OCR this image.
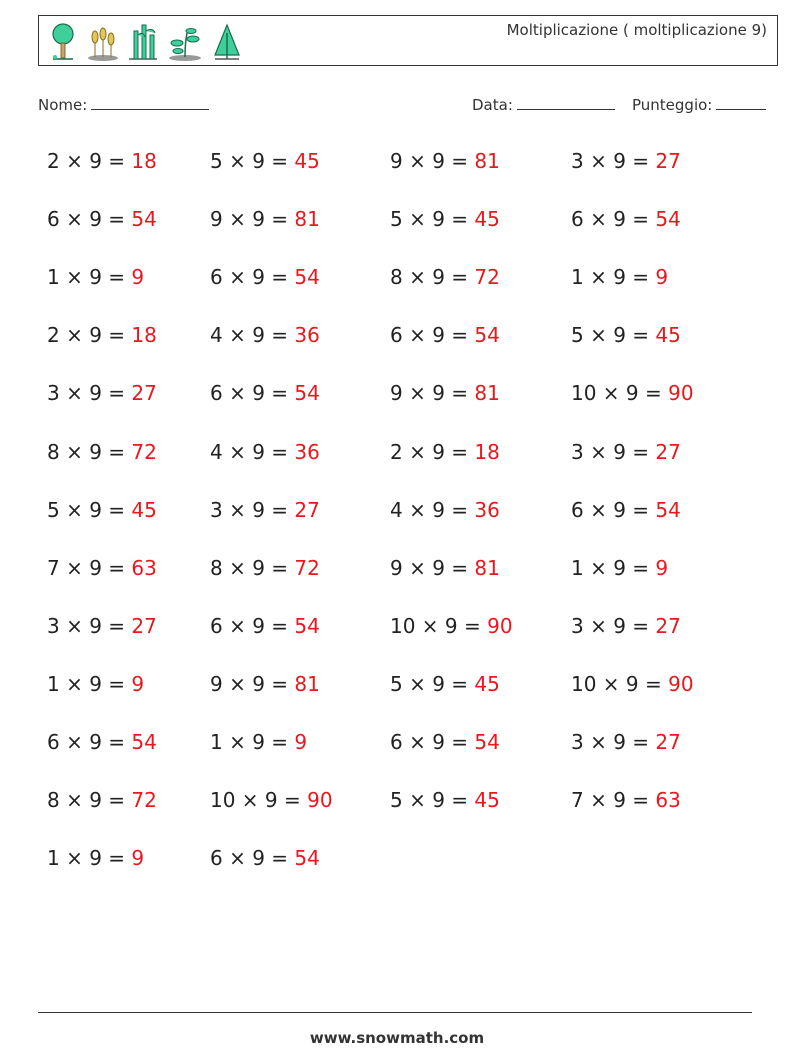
Moltiplicazione ( moltiplicazione 9)
Nome:	Data:	Punteggio:
2 × 9 = 18	5 × 9 = 45	9 × 9 = 81	3 × 9 = 27
6 × 9 = 54	9 × 9 = 81	5 × 9 = 45	6 × 9 = 54
1 × 9 = 9	6 × 9 = 54	8 × 9 = 72	1 × 9 = 9
2 × 9 = 18	4 × 9 = 36	6 × 9 = 54	5 × 9 = 45
3 × 9 = 27	6 × 9 = 54	9 × 9 = 81	10 × 9 = 90
8 × 9 = 72	4 × 9 = 36	2 × 9 = 18	3 × 9 = 27
5 × 9 = 45	3 × 9 = 27	4 × 9 = 36	6 × 9 = 54
7 × 9 = 63	8 × 9 = 72	9 × 9 = 81	1 × 9 = 9
3 × 9 = 27	6 × 9 = 54	10 × 9 = 90	3 × 9 = 27
1 × 9 = 9	9 × 9 = 81	5 × 9 = 45	10 × 9 = 90
6 × 9 = 54	1 × 9 = 9	6 × 9 = 54	3 × 9 = 27
8 × 9 = 72	10 × 9 = 90	5 × 9 = 45	7 × 9 = 63
1 × 9 = 9	6 × 9 = 54
www.snowmath.com
